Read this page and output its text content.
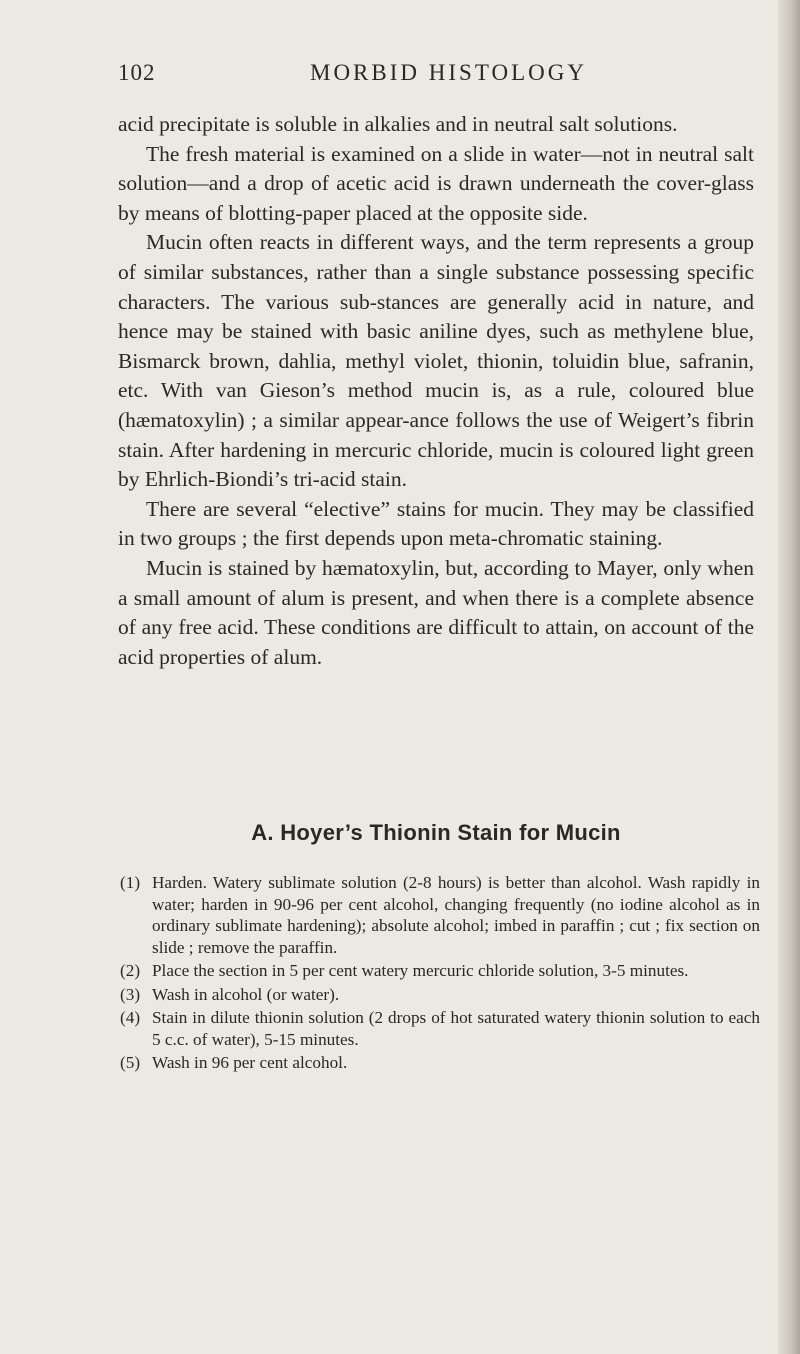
102	MORBID HISTOLOGY

acid precipitate is soluble in alkalies and in neutral salt solutions.

The fresh material is examined on a slide in water—not in neutral salt solution—and a drop of acetic acid is drawn underneath the cover-glass by means of blotting-paper placed at the opposite side.

Mucin often reacts in different ways, and the term represents a group of similar substances, rather than a single substance possessing specific characters. The various sub-stances are generally acid in nature, and hence may be stained with basic aniline dyes, such as methylene blue, Bismarck brown, dahlia, methyl violet, thionin, toluidin blue, safranin, etc. With van Gieson’s method mucin is, as a rule, coloured blue (hæmatoxylin) ; a similar appear-ance follows the use of Weigert’s fibrin stain. After hardening in mercuric chloride, mucin is coloured light green by Ehrlich-Biondi’s tri-acid stain.

There are several “elective” stains for mucin. They may be classified in two groups ; the first depends upon meta-chromatic staining.

Mucin is stained by hæmatoxylin, but, according to Mayer, only when a small amount of alum is present, and when there is a complete absence of any free acid. These conditions are difficult to attain, on account of the acid properties of alum.

A. Hoyer’s Thionin Stain for Mucin
(1) Harden. Watery sublimate solution (2-8 hours) is better than alcohol. Wash rapidly in water; harden in 90-96 per cent alcohol, changing frequently (no iodine alcohol as in ordinary sublimate hardening); absolute alcohol; imbed in paraffin ; cut ; fix section on slide ; remove the paraffin.
(2) Place the section in 5 per cent watery mercuric chloride solution, 3-5 minutes.
(3) Wash in alcohol (or water).
(4) Stain in dilute thionin solution (2 drops of hot saturated watery thionin solution to each 5 c.c. of water), 5-15 minutes.
(5) Wash in 96 per cent alcohol.
